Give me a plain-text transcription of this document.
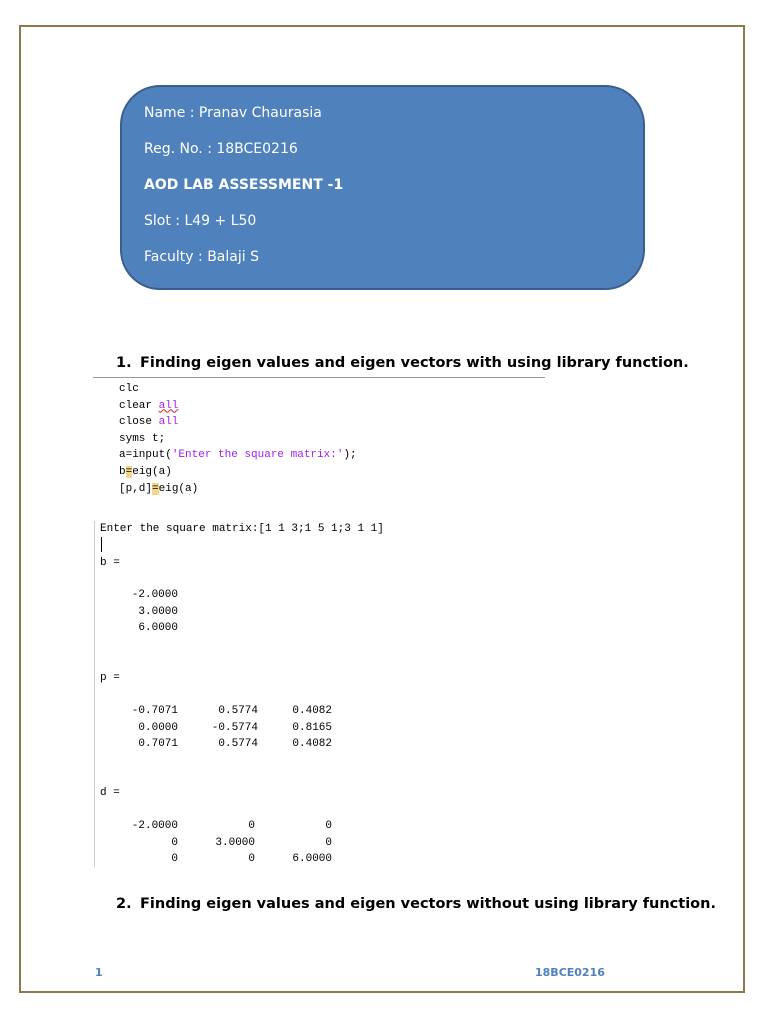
Name : Pranav Chaurasia
Reg. No. : 18BCE0216
AOD LAB ASSESSMENT -1
Slot : L49 + L50
Faculty : Balaji S
1. Finding eigen values and eigen vectors with using library function.
clc
clear all
close all
syms t;
a=input('Enter the square matrix:');
b=eig(a)
[p,d]=eig(a)
Enter the square matrix:[1 1 3;1 5 1;3 1 1]
b =
-2.0000
3.0000
6.0000
p =
-0.7071	0.5774	0.4082
0.0000	-0.5774	0.8165
0.7071	0.5774	0.4082
d =
-2.0000	0	0
0	3.0000	0
0	0	6.0000
2. Finding eigen values and eigen vectors without using library function.
1	18BCE0216
